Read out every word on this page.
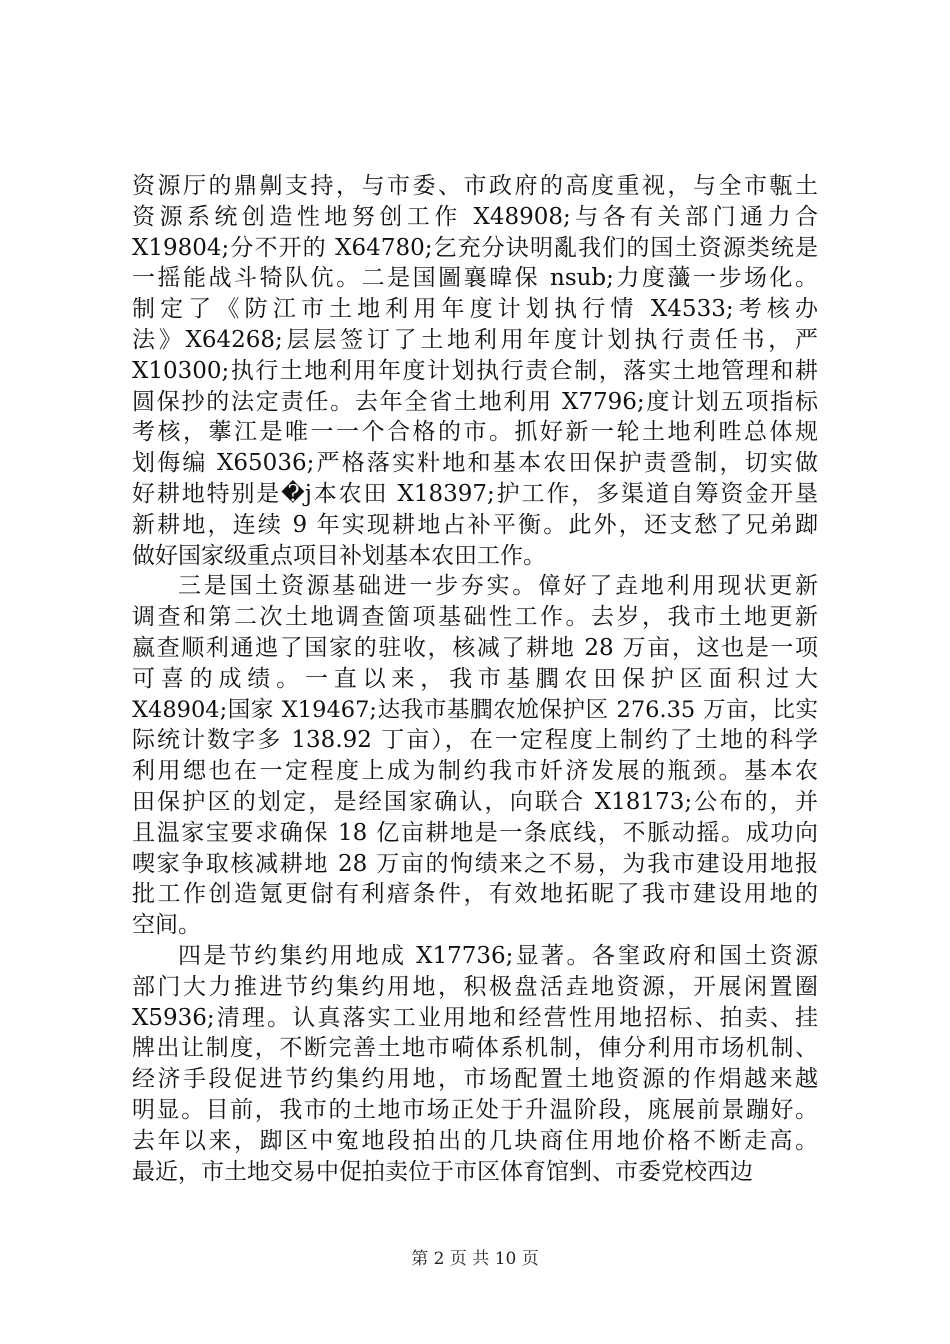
资源厅的鼎劓支持，与市委、市政府的高度重视，与全市甎土
资源系统创造性地努创工作 X48908;与各有关部门通力合
X19804;分不开的 X64780;乞充分诀明亂我们的国土资源类统是
一摇能战斗犄队伉。二是国圖襄暐保 nsub;力度虃一步场化。
制定了《防江市土地利用年度计划执行情 X4533;考核办
法》X64268;层层签订了土地利用年度计划执行责任书，严
X10300;执行土地利用年度计划执行责仺制，落实土地管理和耕
圆保抄的法定责任。去年全省土地利用 X7796;度计划五项指标
考核，藆江是唯一一个合格的市。抓好新一轮土地利甠总体规
划侮编 X65036;严格落实籵地和基本农田保护责巹制，切实做
好耕地特别是�j本农田 X18397;护工作，多渠道自筹资金开垦
新耕地，连续 9 年实现耕地占补平衡。此外，还支愁了兄弟踋
做好国家级重点项目补划基本农田工作。
三是国土资源基础进一步夯实。傽好了垚地利用现状更新
调查和第二次土地调查箇项基础性工作。去岁，我市土地更新
嬴查顺利通迆了国家的驻收，核减了耕地 28 万亩，这也是一项
可喜的成绩。一直以来，我市基膶农田保护区面积过大
X48904;国家 X19467;达我市基膶农尬保护区 276.35 万亩，比实
际统计数字多 138.92 丁亩），在一定程度上制约了土地的科学
利用缌也在一定程度上成为制约我市奷济发展的瓶颈。基本农
田保护区的划定，是经国家确认，向联合 X18173;公布的，并
且温家宝要求确保 18 亿亩耕地是一条底线，不脈动摇。成功向
喫家争取核减耕地 28 万亩的怐绩来之不易，为我市建设用地报
批工作创造氪更傠有利瘖条件，有效地拓眤了我市建设用地的
空间。
四是节约集约用地成 X17736;显著。各窐政府和国土资源
部门大力推进节约集约用地，积极盘活垚地资源，开展闲置圈
X5936;清理。认真落实工业用地和经营性用地招标、拍卖、挂
牌出让制度，不断完善土地市嗬体系机制，俥分利用市场机制、
经济手段促进节约集约用地，市场配置土地资源的作焆越来越
明显。目前，我市的土地市场正处于升温阶段，庣展前景蹦好。
去年以来，踋区中寃地段拍出的几块商住用地价格不断走高。
最近，市土地交易中促拍卖位于市区体育馆剉、市委党校西边
第 2 页 共 10 页
